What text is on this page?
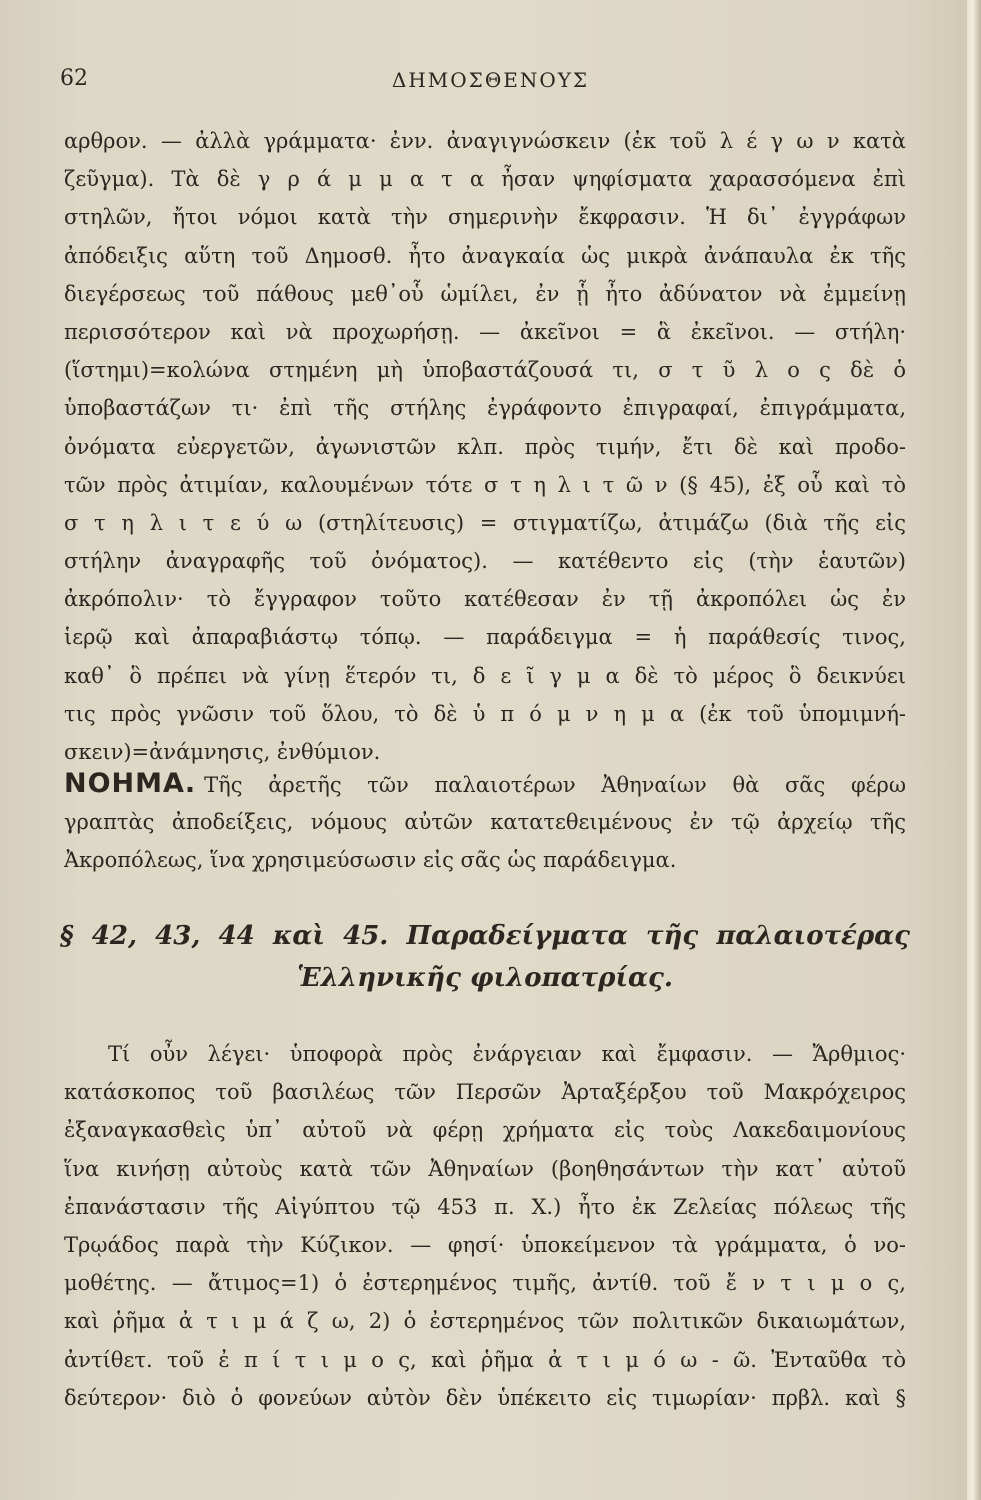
62	ΔΗΜΟΣΘΕΝΟΥΣ
αρθρον. — ἀλλὰ γράμματα· ἐνν. ἀναγιγνώσκειν (ἐκ τοῦ λ έ γ ω ν κατὰ
ζεῦγμα). Τὰ δὲ γ ρ ά μ μ α τ α ἦσαν ψηφίσματα χαρασσόμενα ἐπὶ
στηλῶν, ἤτοι νόμοι κατὰ τὴν σημερινὴν ἔκφρασιν. Ἡ δι᾽ ἐγγράφων
ἀπόδειξις αὕτη τοῦ Δημοσθ. ἦτο ἀναγκαία ὡς μικρὰ ἀνάπαυλα ἐκ τῆς
διεγέρσεως τοῦ πάθους μεθ᾽οὗ ὡμίλει, ἐν ᾗ ἦτο ἀδύνατον νὰ ἐμμείνῃ
περισσότερον καὶ νὰ προχωρήσῃ. — ἀκεῖνοι = ἃ ἐκεῖνοι. — στήλη·
(ἵστημι)=κολώνα στημένη μὴ ὑποβαστάζουσά τι, σ τ ῦ λ ο ς δὲ ὁ
ὑποβαστάζων τι· ἐπὶ τῆς στήλης ἐγράφοντο ἐπιγραφαί, ἐπιγράμματα,
ὀνόματα εὐεργετῶν, ἀγωνιστῶν κλπ. πρὸς τιμήν, ἔτι δὲ καὶ προδο-
τῶν πρὸς ἀτιμίαν, καλουμένων τότε σ τ η λ ι τ ῶ ν (§ 45), ἐξ οὗ καὶ τὸ
σ τ η λ ι τ ε ύ ω (στηλίτευσις) = στιγματίζω, ἀτιμάζω (διὰ τῆς εἰς
στήλην ἀναγραφῆς τοῦ ὀνόματος). — κατέθεντο εἰς (τὴν ἑαυτῶν)
ἀκρόπολιν· τὸ ἔγγραφον τοῦτο κατέθεσαν ἐν τῇ ἀκροπόλει ὡς ἐν
ἱερῷ καὶ ἀπαραβιάστῳ τόπῳ. — παράδειγμα = ἡ παράθεσίς τινος,
καθ᾽ ὃ πρέπει νὰ γίνῃ ἕτερόν τι, δ ε ῖ γ μ α δὲ τὸ μέρος ὃ δεικνύει
τις πρὸς γνῶσιν τοῦ ὅλου, τὸ δὲ ὑ π ό μ ν η μ α (ἐκ τοῦ ὑπομιμνή-
σκειν)=ἀνάμνησις, ἐνθύμιον.
ΝΟΗΜΑ. Τῆς ἀρετῆς τῶν παλαιοτέρων Ἀθηναίων θὰ σᾶς φέρω
γραπτὰς ἀποδείξεις, νόμους αὐτῶν κατατεθειμένους ἐν τῷ ἀρχείῳ τῆς
Ἀκροπόλεως, ἵνα χρησιμεύσωσιν εἰς σᾶς ὡς παράδειγμα.
§ 42, 43, 44 καὶ 45. Παραδείγματα τῆς παλαιοτέρας
Ἑλληνικῆς φιλοπατρίας.
Τί οὖν λέγει· ὑποφορὰ πρὸς ἐνάργειαν καὶ ἔμφασιν. — Ἄρθμιος·
κατάσκοπος τοῦ βασιλέως τῶν Περσῶν Ἀρταξέρξου τοῦ Μακρόχειρος
ἐξαναγκασθεὶς ὑπ᾽ αὐτοῦ νὰ φέρῃ χρήματα εἰς τοὺς Λακεδαιμονίους
ἵνα κινήσῃ αὐτοὺς κατὰ τῶν Ἀθηναίων (βοηθησάντων τὴν κατ᾽ αὐτοῦ
ἐπανάστασιν τῆς Αἰγύπτου τῷ 453 π. Χ.) ἦτο ἐκ Ζελείας πόλεως τῆς
Τρῳάδος παρὰ τὴν Κύζικον. — φησί· ὑποκείμενον τὰ γράμματα, ὁ νο-
μοθέτης. — ἄτιμος=1) ὁ ἐστερημένος τιμῆς, ἀντίθ. τοῦ ἔ ν τ ι μ ο ς,
καὶ ῥῆμα ἀ τ ι μ ά ζ ω, 2) ὁ ἐστερημένος τῶν πολιτικῶν δικαιωμάτων,
ἀντίθετ. τοῦ ἐ π ί τ ι μ ο ς, καὶ ῥῆμα ἀ τ ι μ ό ω - ῶ. Ἐνταῦθα τὸ
δεύτερον· διὸ ὁ φονεύων αὐτὸν δὲν ὑπέκειτο εἰς τιμωρίαν· πρβλ. καὶ §
